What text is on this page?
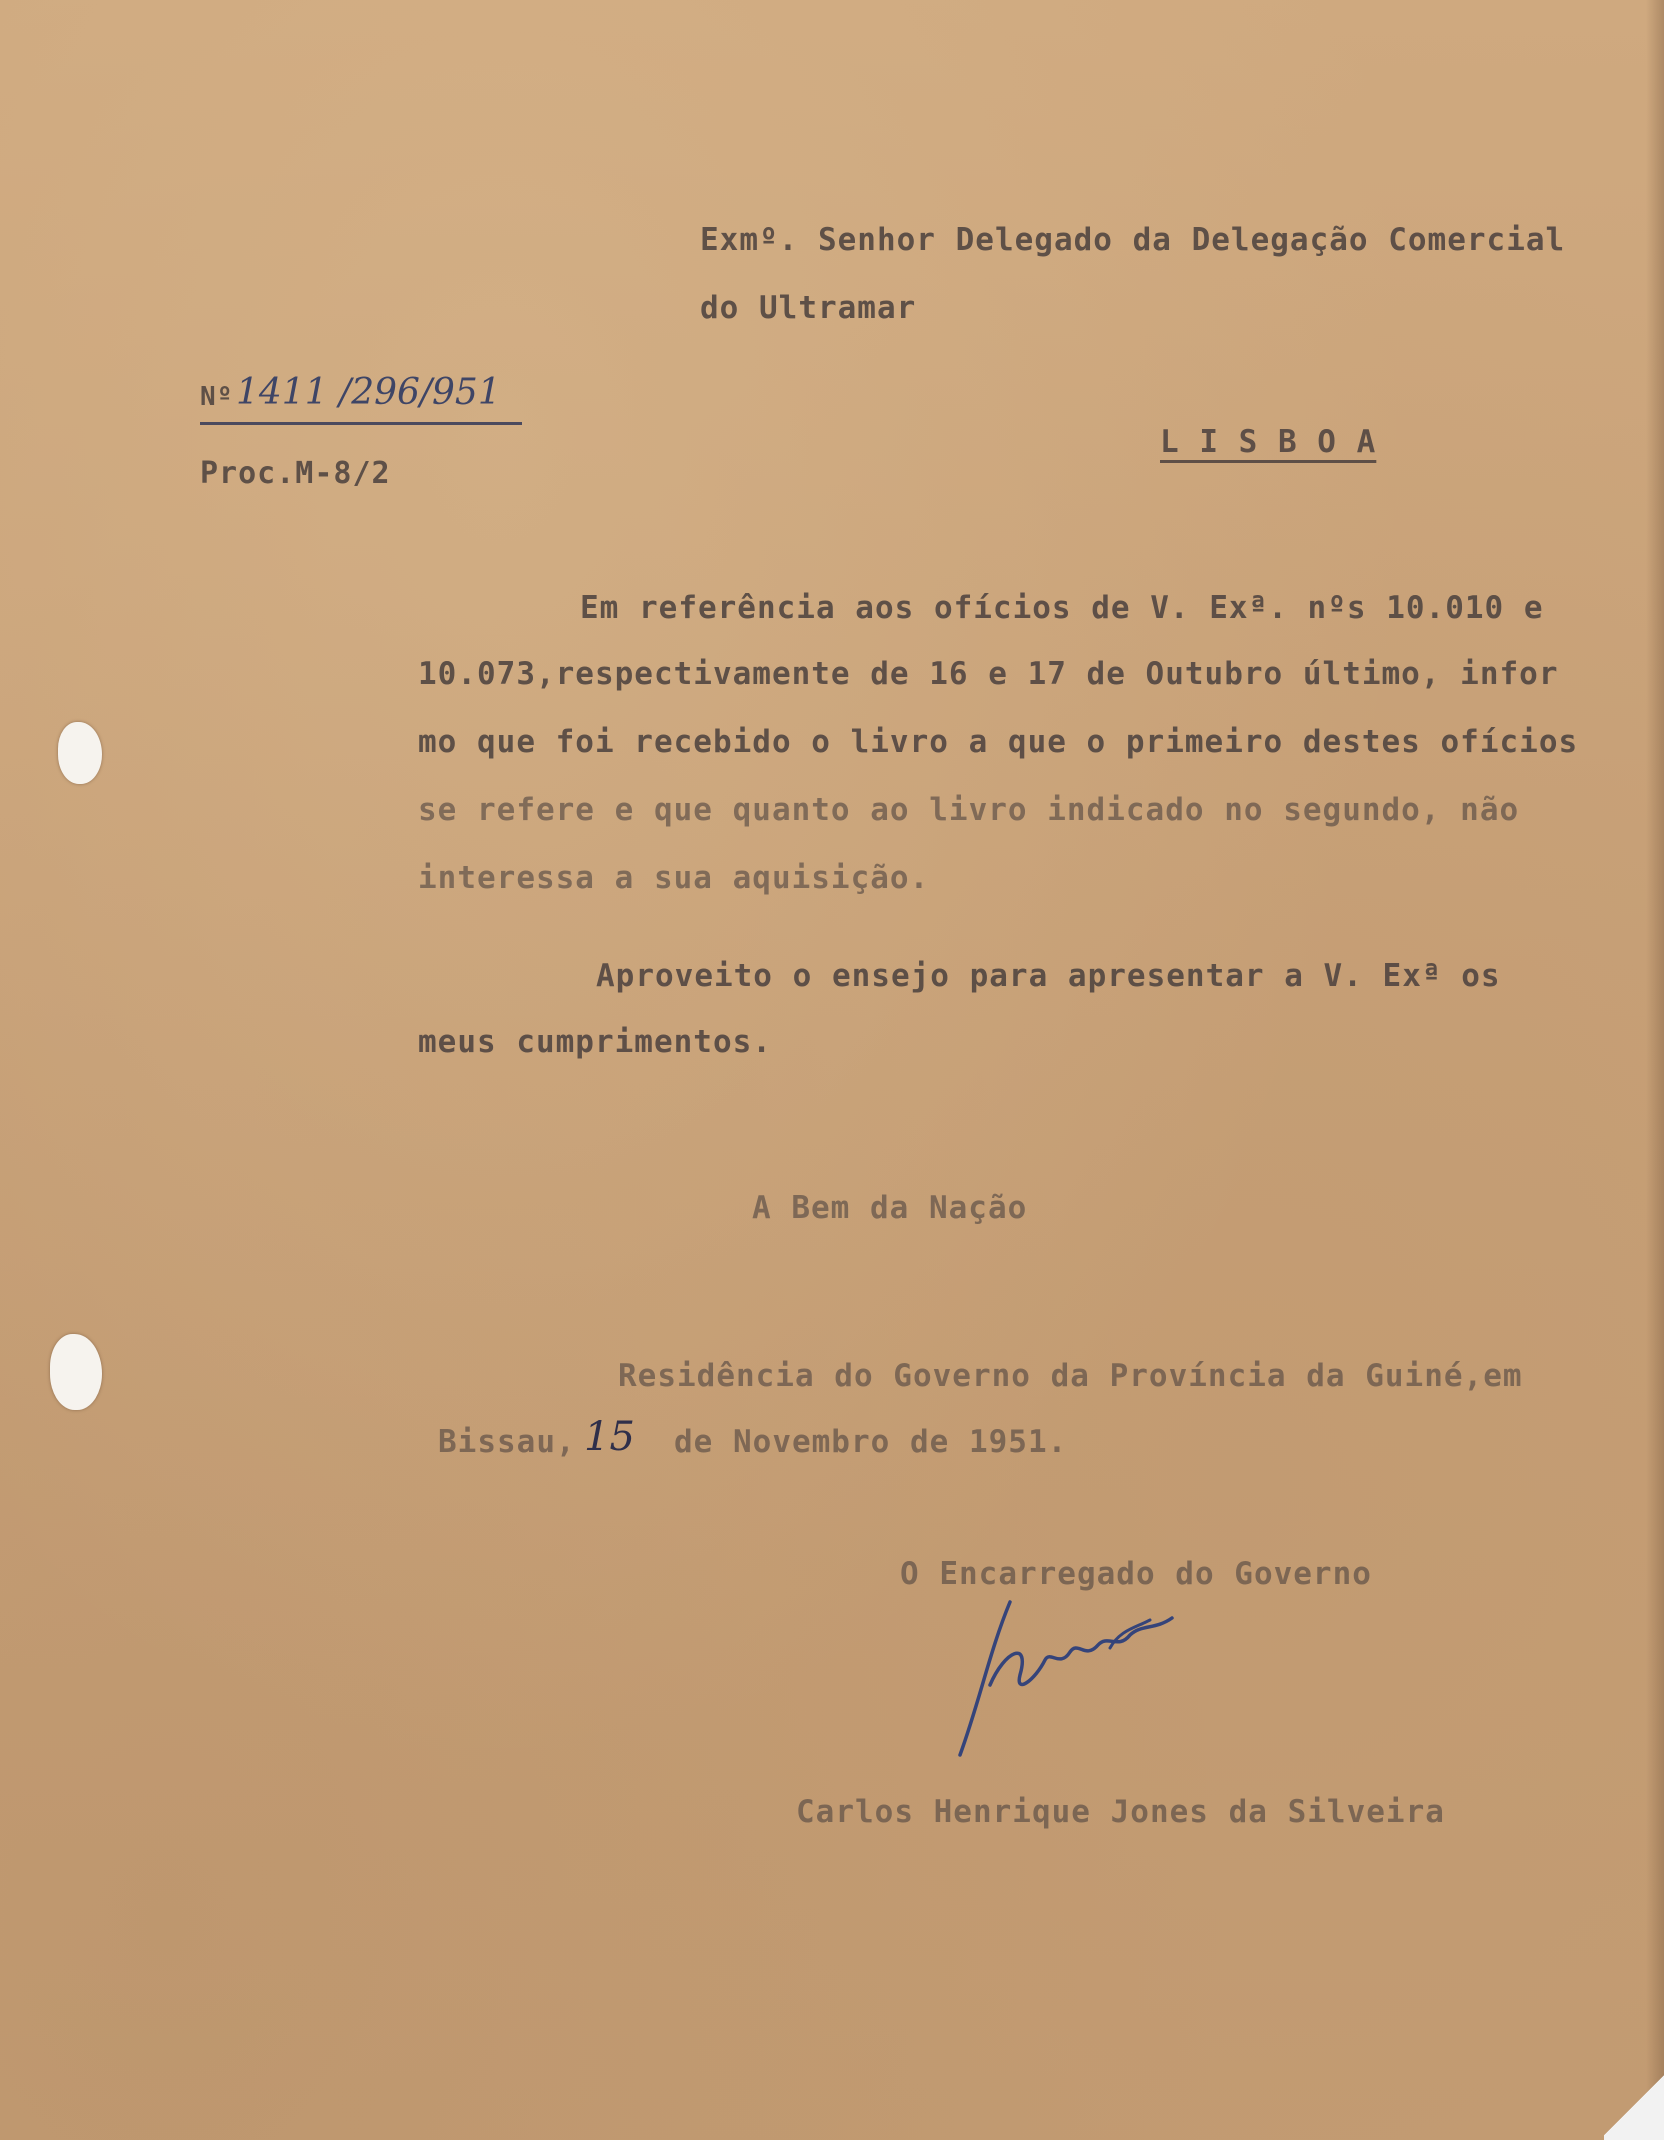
Exmº. Senhor Delegado da Delegação Comercial

do Ultramar

Nº 1411 /296/951

Proc.M-8/2

L I S B O A

Em referência aos ofícios de V. Exª. nºs 10.010 e

10.073,respectivamente de 16 e 17 de Outubro último, infor

mo que foi recebido o livro a que o primeiro destes ofícios

se refere e que quanto ao livro indicado no segundo, não

interessa a sua aquisição.

Aproveito o ensejo para apresentar a V. Exª os

meus cumprimentos.

A Bem da Nação

Residência do Governo da Província da Guiné,em

Bissau, 15 de Novembro de 1951.

O Encarregado do Governo

Carlos Henrique Jones da Silveira
